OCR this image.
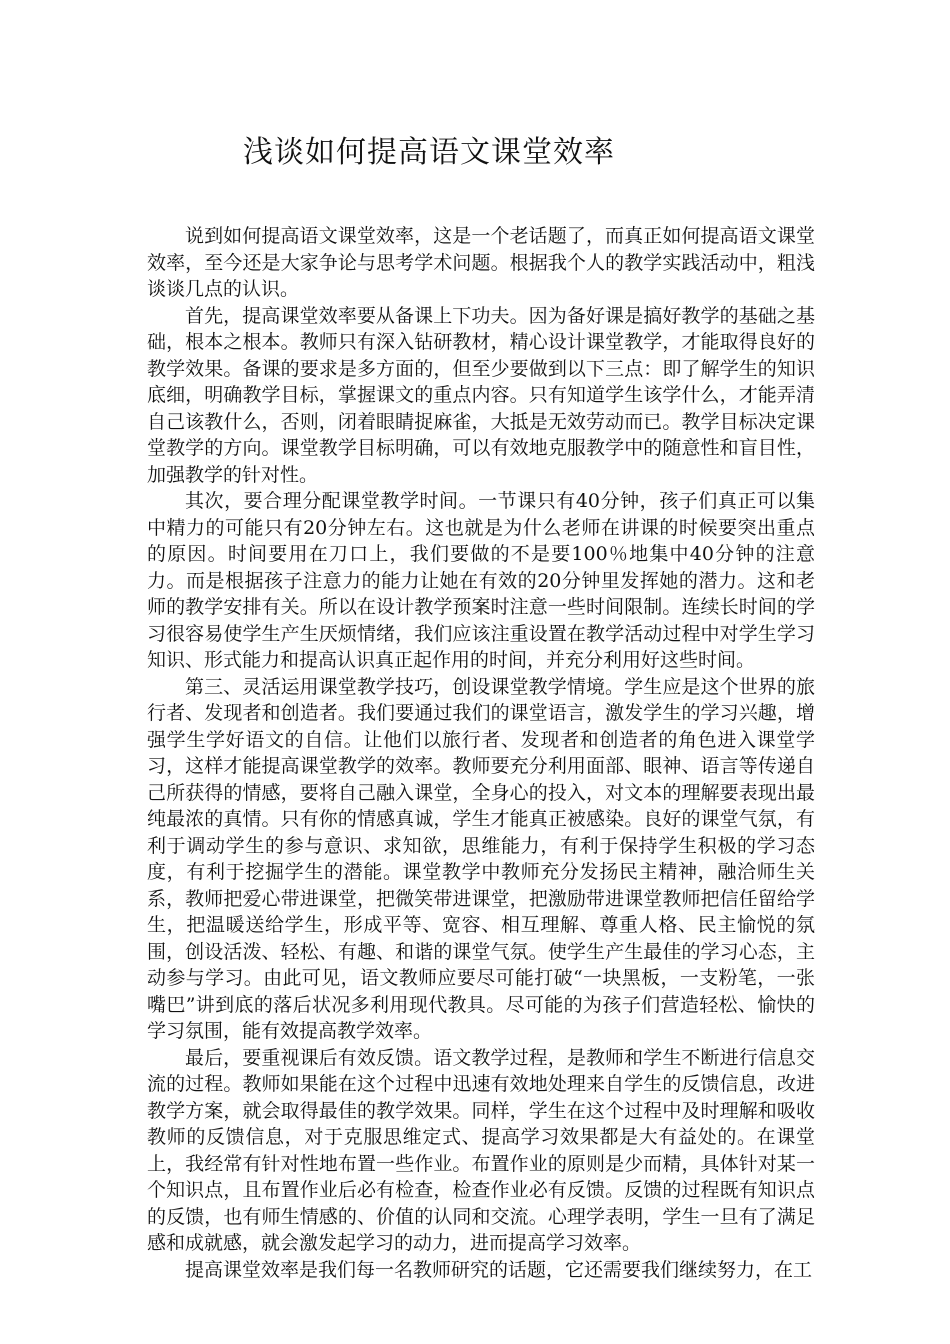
浅谈如何提高语文课堂效率

说到如何提高语文课堂效率，这是一个老话题了，而真正如何提高语文课堂效率，至今还是大家争论与思考学术问题。根据我个人的教学实践活动中，粗浅谈谈几点的认识。

首先，提高课堂效率要从备课上下功夫。因为备好课是搞好教学的基础之基础，根本之根本。教师只有深入钻研教材，精心设计课堂教学，才能取得良好的教学效果。备课的要求是多方面的，但至少要做到以下三点：即了解学生的知识底细，明确教学目标，掌握课文的重点内容。只有知道学生该学什么，才能弄清自己该教什么，否则，闭着眼睛捉麻雀，大抵是无效劳动而已。教学目标决定课堂教学的方向。课堂教学目标明确，可以有效地克服教学中的随意性和盲目性，加强教学的针对性。

其次，要合理分配课堂教学时间。一节课只有40分钟，孩子们真正可以集中精力的可能只有20分钟左右。这也就是为什么老师在讲课的时候要突出重点的原因。时间要用在刀口上，我们要做的不是要100％地集中40分钟的注意力。而是根据孩子注意力的能力让她在有效的20分钟里发挥她的潜力。这和老师的教学安排有关。所以在设计教学预案时注意一些时间限制。连续长时间的学习很容易使学生产生厌烦情绪，我们应该注重设置在教学活动过程中对学生学习知识、形式能力和提高认识真正起作用的时间，并充分利用好这些时间。

第三、灵活运用课堂教学技巧，创设课堂教学情境。学生应是这个世界的旅行者、发现者和创造者。我们要通过我们的课堂语言，激发学生的学习兴趣，增强学生学好语文的自信。让他们以旅行者、发现者和创造者的角色进入课堂学习，这样才能提高课堂教学的效率。教师要充分利用面部、眼神、语言等传递自己所获得的情感，要将自己融入课堂，全身心的投入，对文本的理解要表现出最纯最浓的真情。只有你的情感真诚，学生才能真正被感染。良好的课堂气氛，有利于调动学生的参与意识、求知欲，思维能力，有利于保持学生积极的学习态度，有利于挖掘学生的潜能。课堂教学中教师充分发扬民主精神，融洽师生关系，教师把爱心带进课堂，把微笑带进课堂，把激励带进课堂教师把信任留给学生，把温暖送给学生，形成平等、宽容、相互理解、尊重人格、民主愉悦的氛围，创设活泼、轻松、有趣、和谐的课堂气氛。使学生产生最佳的学习心态，主动参与学习。由此可见，语文教师应要尽可能打破“一块黑板，一支粉笔，一张嘴巴”讲到底的落后状况多利用现代教具。尽可能的为孩子们营造轻松、愉快的学习氛围，能有效提高教学效率。

最后，要重视课后有效反馈。语文教学过程，是教师和学生不断进行信息交流的过程。教师如果能在这个过程中迅速有效地处理来自学生的反馈信息，改进教学方案，就会取得最佳的教学效果。同样，学生在这个过程中及时理解和吸收教师的反馈信息，对于克服思维定式、提高学习效果都是大有益处的。在课堂上，我经常有针对性地布置一些作业。布置作业的原则是少而精，具体针对某一个知识点，且布置作业后必有检查，检查作业必有反馈。反馈的过程既有知识点的反馈，也有师生情感的、价值的认同和交流。心理学表明，学生一旦有了满足感和成就感，就会激发起学习的动力，进而提高学习效率。

提高课堂效率是我们每一名教师研究的话题，它还需要我们继续努力，在工
